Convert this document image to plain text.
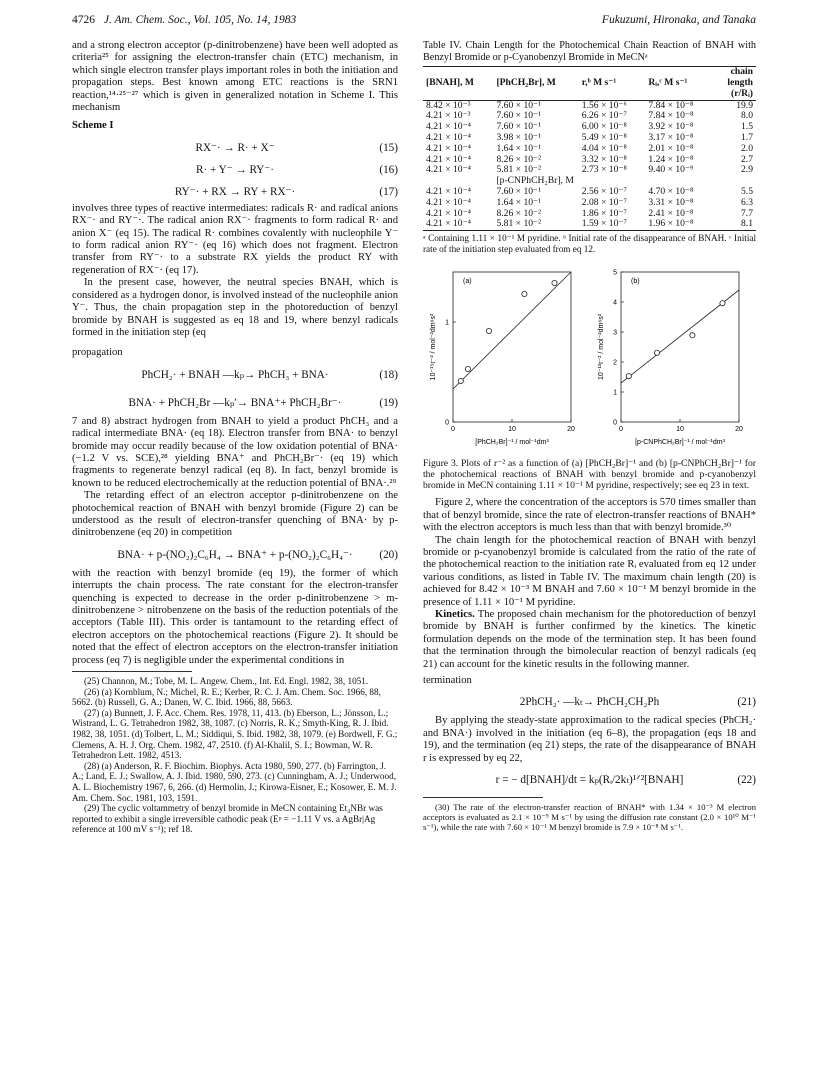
4726 J. Am. Chem. Soc., Vol. 105, No. 14, 1983	Fukuzumi, Hironaka, and Tanaka

and a strong electron acceptor (p-dinitrobenzene) have been well adopted as criteria²⁵ for assigning the electron-transfer chain (ETC) mechanism, in which single electron transfer plays important roles in both the initiation and propagation steps. Best known among ETC reactions is the SRN1 reaction,¹⁴·²⁵⁻²⁷ which is given in generalized notation in Scheme I. This mechanism

Scheme I

RX⁻· → R· + X⁻	(15)
R· + Y⁻ → RY⁻·	(16)
RY⁻· + RX → RY + RX⁻·	(17)

involves three types of reactive intermediates: radicals R· and radical anions RX⁻· and RY⁻·. The radical anion RX⁻· fragments to form radical R· and anion X⁻ (eq 15). The radical R· combines covalently with nucleophile Y⁻ to form radical anion RY⁻· (eq 16) which does not fragment. Electron transfer from RY⁻· to a substrate RX yields the product RY with regeneration of RX⁻· (eq 17).

In the present case, however, the neutral species BNAH, which is considered as a hydrogen donor, is involved instead of the nucleophile anion Y⁻. Thus, the chain propagation step in the photoreduction of benzyl bromide by BNAH is suggested as eq 18 and 19, where benzyl radicals formed in the initiation step (eq

propagation

PhCH₂· + BNAH —kₚ→ PhCH₃ + BNA·	(18)
BNA· + PhCH₂Br —kₚ′→ BNA⁺+ PhCH₂Br⁻·	(19)

7 and 8) abstract hydrogen from BNAH to yield a product PhCH₃ and a radical intermediate BNA· (eq 18). Electron transfer from BNA· to benzyl bromide may occur readily because of the low oxidation potential of BNA· (−1.2 V vs. SCE),²⁸ yielding BNA⁺ and PhCH₂Br⁻· (eq 19) which fragments to regenerate benzyl radical (eq 8). In fact, benzyl bromide is known to be reduced electrochemically at the reduction potential of BNA·.²⁹

The retarding effect of an electron acceptor p-dinitrobenzene on the photochemical reaction of BNAH with benzyl bromide (Figure 2) can be understood as the result of electron-transfer quenching of BNA· by p-dinitrobenzene (eq 20) in competition

BNA· + p-(NO₂)₂C₆H₄ → BNA⁺ + p-(NO₂)₂C₆H₄⁻· (20)

with the reaction with benzyl bromide (eq 19), the former of which interrupts the chain process. The rate constant for the electron-transfer quenching is expected to decrease in the order p-dinitrobenzene > m-dinitrobenzene > nitrobenzene on the basis of the reduction potentials of the acceptors (Table III). This order is tantamount to the retarding effect of electron acceptors on the photochemical reactions (Figure 2). It should be noted that the effect of electron acceptors on the electron-transfer initiation process (eq 7) is negligible under the experimental conditions in

(25) Channon, M.; Tobe, M. L. Angew. Chem., Int. Ed. Engl. 1982, 38, 1051.

(26) (a) Kornblum, N.; Michel, R. E.; Kerber, R. C. J. Am. Chem. Soc. 1966, 88, 5662. (b) Russell, G. A.; Danen, W. C. Ibid. 1966, 88, 5663.

(27) (a) Bunnett, J. F. Acc. Chem. Res. 1978, 11, 413. (b) Eberson, L.; Jönsson, L.; Wistrand, L. G. Tetrahedron 1982, 38, 1087. (c) Norris, R. K.; Smyth-King, R. J. Ibid. 1982, 38, 1051. (d) Tolbert, L. M.; Siddiqui, S. Ibid. 1982, 38, 1079. (e) Bordwell, F. G.; Clemens, A. H. J. Org. Chem. 1982, 47, 2510. (f) Al-Khalil, S. I.; Bowman, W. R. Tetrahedron Lett. 1982, 4513.

(28) (a) Anderson, R. F. Biochim. Biophys. Acta 1980, 590, 277. (b) Farrington, J. A.; Land, E. J.; Swallow, A. J. Ibid. 1980, 590, 273. (c) Cunningham, A. J.; Underwood, A. L. Biochemistry 1967, 6, 266. (d) Hermolin, J.; Kirowa-Eisner, E.; Kosower, E. M. J. Am. Chem. Soc. 1981, 103, 1591.

(29) The cyclic voltammetry of benzyl bromide in MeCN containing Et₄NBr was reported to exhibit a single irreversible cathodic peak (Eᵖ = −1.11 V vs. a AgBr|Ag reference at 100 mV s⁻¹); ref 18.

Table IV. Chain Length for the Photochemical Chain Reaction of BNAH with Benzyl Bromide or p-Cyanobenzyl Bromide in MeCNᵃ

[BNAH], M	[PhCH₂Br], M	r,ᵇ M s⁻¹	Rᵢ,ᶜ M s⁻¹	chain length (r/Rᵢ)
8.42 × 10⁻³	7.60 × 10⁻¹	1.56 × 10⁻⁶	7.84 × 10⁻⁸	19.9
4.21 × 10⁻³	7.60 × 10⁻¹	6.26 × 10⁻⁷	7.84 × 10⁻⁸	8.0
4.21 × 10⁻⁴	7.60 × 10⁻¹	6.00 × 10⁻⁸	3.92 × 10⁻⁸	1.5
4.21 × 10⁻⁴	3.98 × 10⁻¹	5.49 × 10⁻⁸	3.17 × 10⁻⁸	1.7
4.21 × 10⁻⁴	1.64 × 10⁻¹	4.04 × 10⁻⁸	2.01 × 10⁻⁸	2.0
4.21 × 10⁻⁴	8.26 × 10⁻²	3.32 × 10⁻⁸	1.24 × 10⁻⁸	2.7
4.21 × 10⁻⁴	5.81 × 10⁻²	2.73 × 10⁻⁸	9.40 × 10⁻⁹	2.9
	[p-CNPhCH₂Br], M			
4.21 × 10⁻⁴	7.60 × 10⁻¹	2.56 × 10⁻⁷	4.70 × 10⁻⁸	5.5
4.21 × 10⁻⁴	1.64 × 10⁻¹	2.08 × 10⁻⁷	3.31 × 10⁻⁸	6.3
4.21 × 10⁻⁴	8.26 × 10⁻²	1.86 × 10⁻⁷	2.41 × 10⁻⁸	7.7
4.21 × 10⁻⁴	5.81 × 10⁻²	1.59 × 10⁻⁷	1.96 × 10⁻⁸	8.1

ᵃ Containing 1.11 × 10⁻¹ M pyridine. ᵇ Initial rate of the disappearance of BNAH. ᶜ Initial rate of the initiation step evaluated from eq 12.

0	10	20
0
1
(a)
[PhCH₂Br]⁻¹ / mol⁻¹dm³
10⁻¹⁵r⁻² / mol⁻²dm⁶s²
0	10	20
0
1
2
3
4
5
(b)
[p-CNPhCH₂Br]⁻¹ / mol⁻¹dm³
10⁻¹³r⁻² / mol⁻²dm⁶s²

Figure 3. Plots of r⁻² as a function of (a) [PhCH₂Br]⁻¹ and (b) [p-CNPhCH₂Br]⁻¹ for the photochemical reactions of BNAH with benzyl bromide and p-cyanobenzyl bromide in MeCN containing 1.11 × 10⁻¹ M pyridine, respectively; see eq 23 in text.

Figure 2, where the concentration of the acceptors is 570 times smaller than that of benzyl bromide, since the rate of electron-transfer reactions of BNAH* with the electron acceptors is much less than that with benzyl bromide.³⁰

The chain length for the photochemical reaction of BNAH with benzyl bromide or p-cyanobenzyl bromide is calculated from the ratio of the rate of the photochemical reaction to the initiation rate Rᵢ evaluated from eq 12 under various conditions, as listed in Table IV. The maximum chain length (20) is achieved for 8.42 × 10⁻³ M BNAH and 7.60 × 10⁻¹ M benzyl bromide in the presence of 1.11 × 10⁻¹ M pyridine.

Kinetics. The proposed chain mechanism for the photoreduction of benzyl bromide by BNAH is further confirmed by the kinetics. The kinetic formulation depends on the mode of the termination step. It has been found that the termination through the bimolecular reaction of benzyl radicals (eq 21) can account for the kinetic results in the following manner.

termination

2PhCH₂· —kₜ→ PhCH₂CH₂Ph	(21)

By applying the steady-state approximation to the radical species (PhCH₂· and BNA·) involved in the initiation (eq 6–8), the propagation (eqs 18 and 19), and the termination (eq 21) steps, the rate of the disappearance of BNAH r is expressed by eq 22,

r = − d[BNAH]/dt = kₚ(Rᵢ/2kₜ)¹ᐟ²[BNAH]	(22)

(30) The rate of the electron-transfer reaction of BNAH* with 1.34 × 10⁻³ M electron acceptors is evaluated as 2.1 × 10⁻⁹ M s⁻¹ by using the diffusion rate constant (2.0 × 10¹⁰ M⁻¹ s⁻¹), while the rate with 7.60 × 10⁻¹ M benzyl bromide is 7.9 × 10⁻⁸ M s⁻¹.
